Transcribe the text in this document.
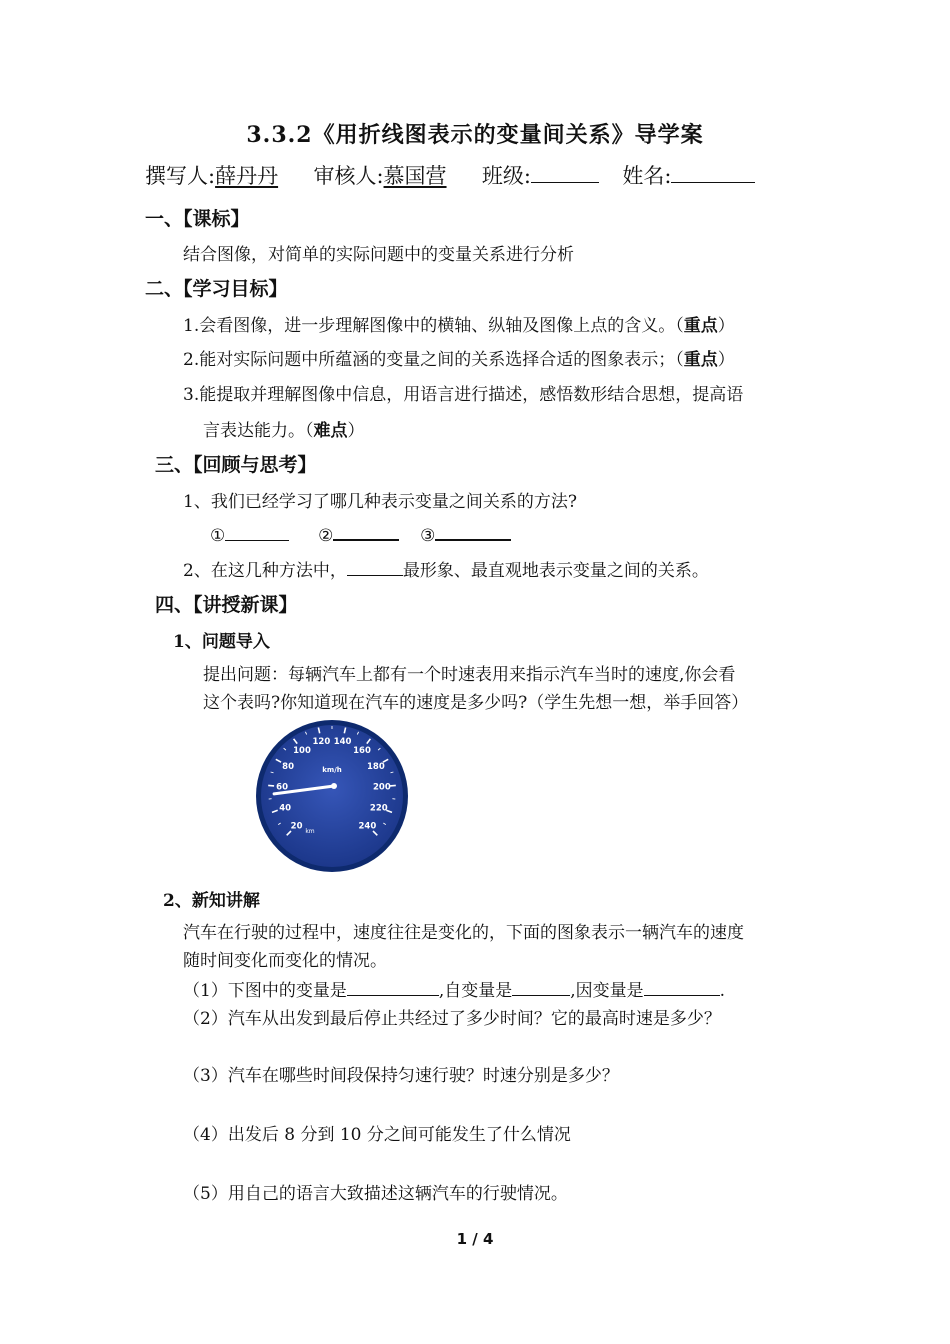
3.3.2《用折线图表示的变量间关系》导学案
撰写人:薛丹丹 审核人:慕国营 班级:	姓名:
一、【课标】
结合图像，对简单的实际问题中的变量关系进行分析
二、【学习目标】
1.会看图像，进一步理解图像中的横轴、纵轴及图像上点的含义。（重点）
2.能对实际问题中所蕴涵的变量之间的关系选择合适的图象表示；（重点）
3.能提取并理解图像中信息，用语言进行描述，感悟数形结合思想，提高语
言表达能力。（难点）
三、【回顾与思考】
1、我们已经学习了哪几种表示变量之间关系的方法?
①	②	③
2、在这几种方法中，	最形象、最直观地表示变量之间的关系。
四、【讲授新课】
1、问题导入
提出问题：每辆汽车上都有一个时速表用来指示汽车当时的速度,你会看
这个表吗?你知道现在汽车的速度是多少吗?（学生先想一想，举手回答）
20
40
60
80
100
120 140
160
180
200
220
240
km/h
km
2、新知讲解
汽车在行驶的过程中，速度往往是变化的，下面的图象表示一辆汽车的速度
随时间变化而变化的情况。
（1）下图中的变量是	,自变量是	,因变量是	.
（2）汽车从出发到最后停止共经过了多少时间？它的最高时速是多少？
（3）汽车在哪些时间段保持匀速行驶？时速分别是多少？
（4）出发后 8 分到 10 分之间可能发生了什么情况
（5）用自己的语言大致描述这辆汽车的行驶情况。
1 / 4
